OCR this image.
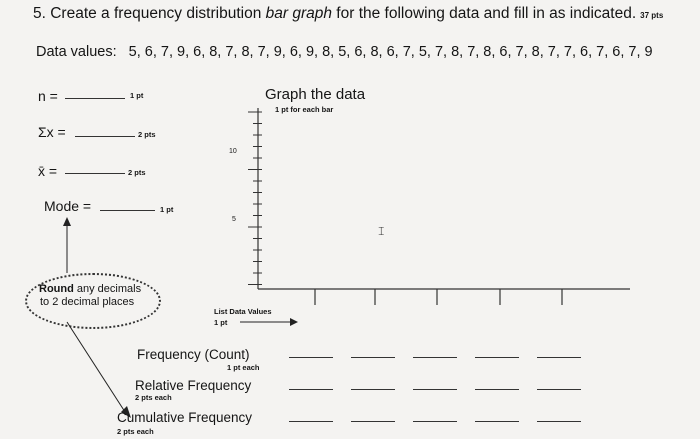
5. Create a frequency distribution bar graph for the following data and fill in as indicated. 37 pts
Data values: 5, 6, 7, 9, 6, 8, 7, 8, 7, 9, 6, 9, 8, 5, 6, 8, 6, 7, 5, 7, 8, 7, 8, 6, 7, 8, 7, 7, 6, 7, 6, 7, 9
n =	1 pt
Σx =	2 pts
x̄ =	2 pts
Mode =	1 pt
Round any decimals
to 2 decimal places
Graph the data
1 pt for each bar
10
5
𝙸
List Data Values
1 pt
Frequency (Count)
1 pt each
Relative Frequency
2 pts each
Cumulative Frequency
2 pts each
